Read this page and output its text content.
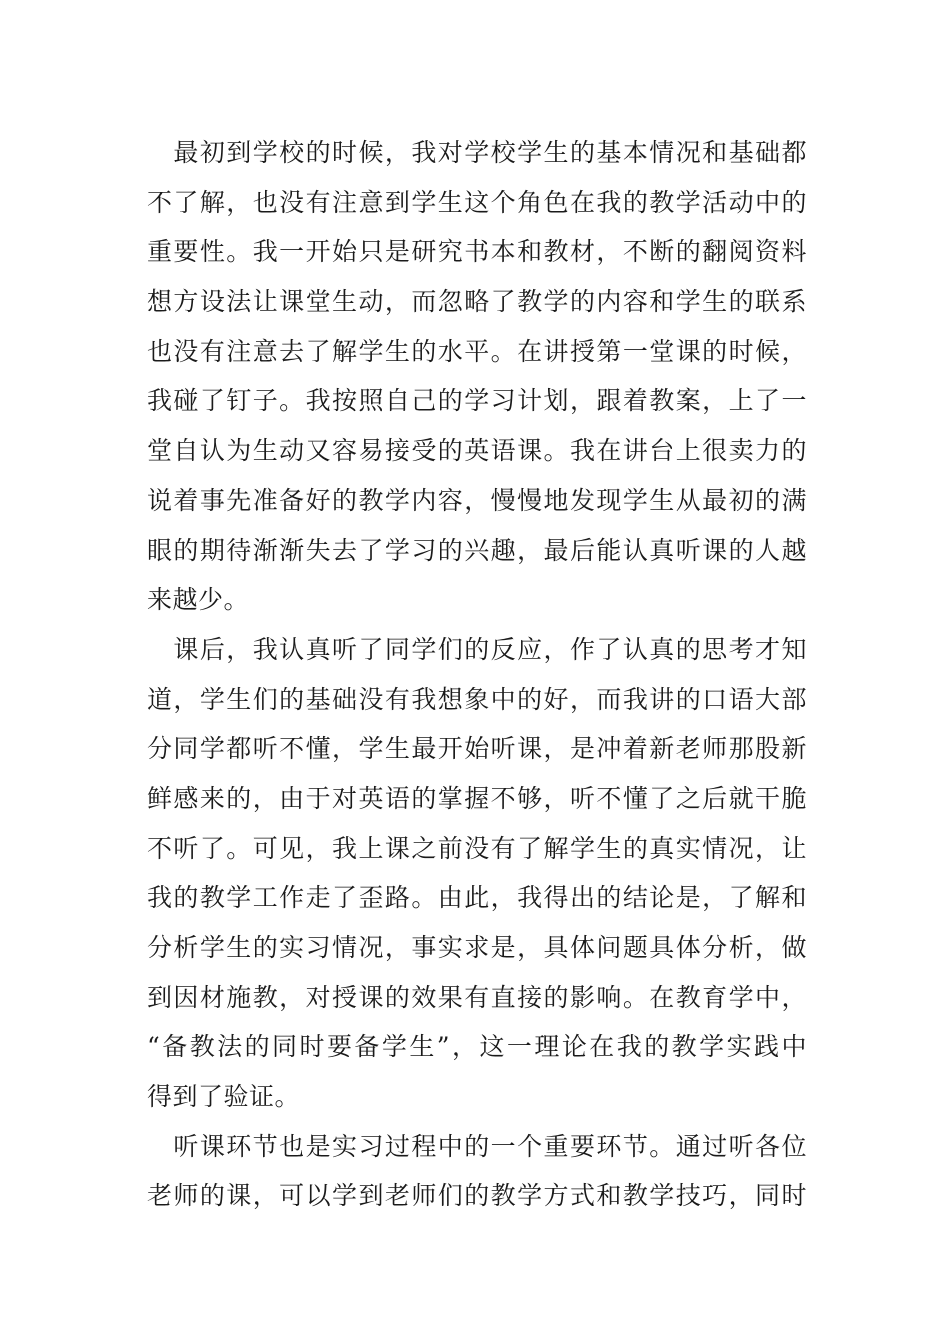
　最初到学校的时候，我对学校学生的基本情况和基础都
不了解，也没有注意到学生这个角色在我的教学活动中的
重要性。我一开始只是研究书本和教材，不断的翻阅资料
想方设法让课堂生动，而忽略了教学的内容和学生的联系
也没有注意去了解学生的水平。在讲授第一堂课的时候，
我碰了钉子。我按照自己的学习计划，跟着教案，上了一
堂自认为生动又容易接受的英语课。我在讲台上很卖力的
说着事先准备好的教学内容，慢慢地发现学生从最初的满
眼的期待渐渐失去了学习的兴趣，最后能认真听课的人越
来越少。
　课后，我认真听了同学们的反应，作了认真的思考才知
道，学生们的基础没有我想象中的好，而我讲的口语大部
分同学都听不懂，学生最开始听课，是冲着新老师那股新
鲜感来的，由于对英语的掌握不够，听不懂了之后就干脆
不听了。可见，我上课之前没有了解学生的真实情况，让
我的教学工作走了歪路。由此，我得出的结论是，了解和
分析学生的实习情况，事实求是，具体问题具体分析，做
到因材施教，对授课的效果有直接的影响。在教育学中，
“备教法的同时要备学生”，这一理论在我的教学实践中
得到了验证。
　听课环节也是实习过程中的一个重要环节。通过听各位
老师的课，可以学到老师们的教学方式和教学技巧，同时
